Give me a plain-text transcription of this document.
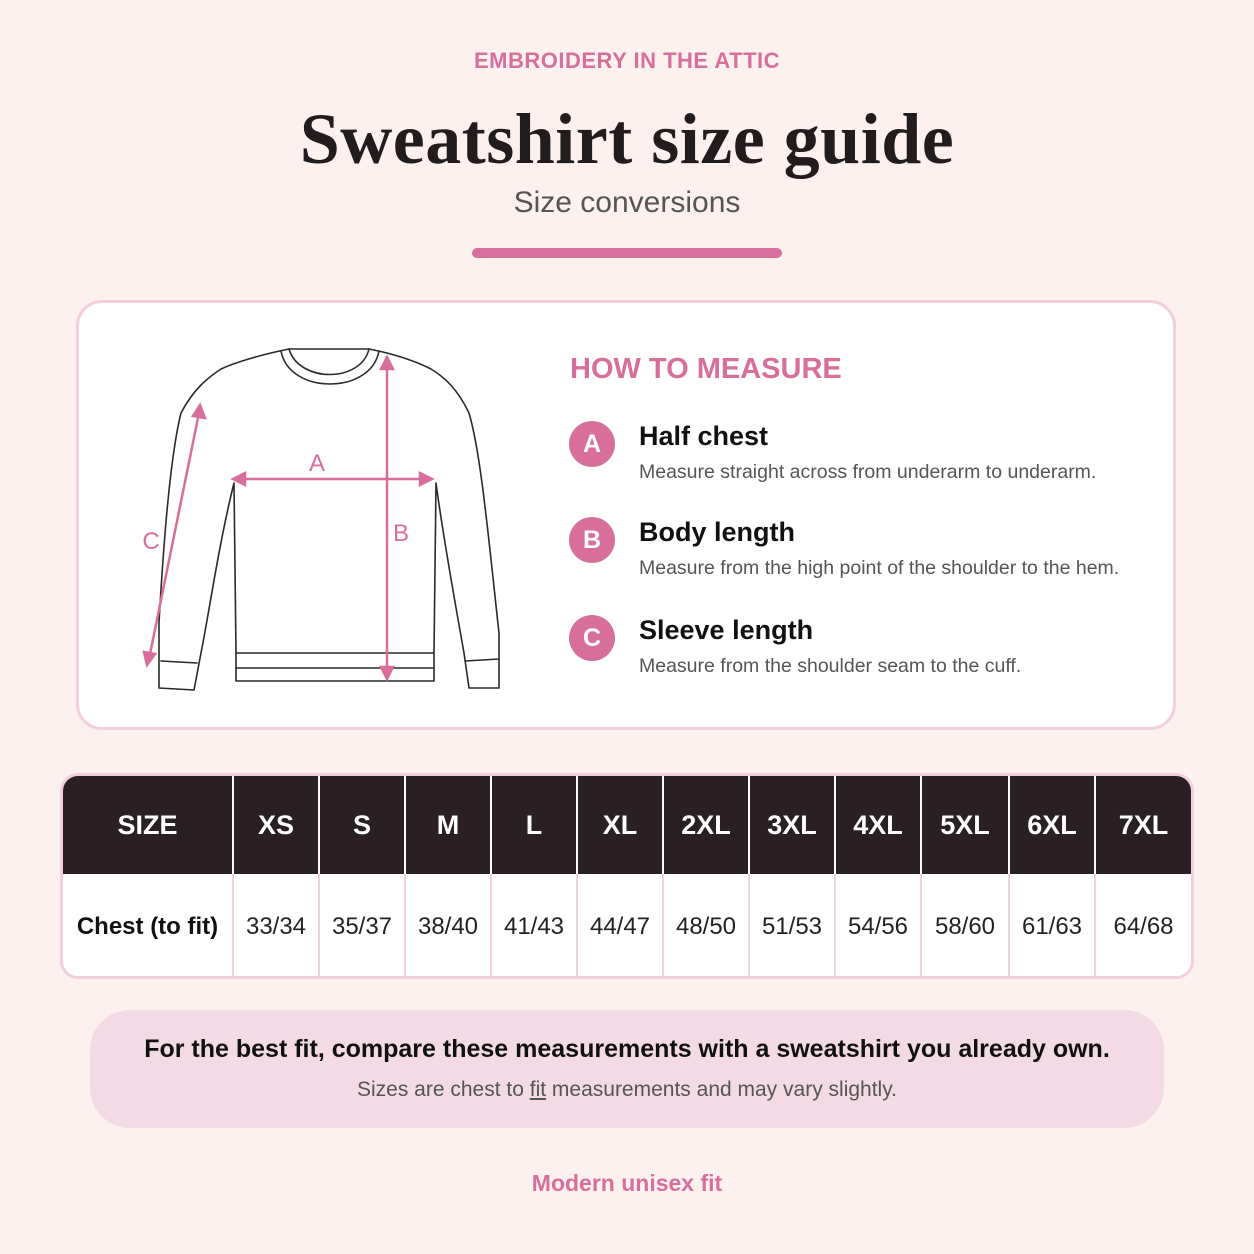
EMBROIDERY IN THE ATTIC
Sweatshirt size guide
Size conversions
A
B
C
HOW TO MEASURE
A	Half chest
Measure straight across from underarm to underarm.
B	Body length
Measure from the high point of the shoulder to the hem.
C	Sleeve length
Measure from the shoulder seam to the cuff.
SIZE	XS	S	M	L	XL	2XL	3XL	4XL	5XL	6XL	7XL
Chest (to fit)	33/34	35/37	38/40	41/43	44/47	48/50	51/53	54/56	58/60	61/63	64/68
For the best fit, compare these measurements with a sweatshirt you already own.
Sizes are chest to fit measurements and may vary slightly.
Modern unisex fit
